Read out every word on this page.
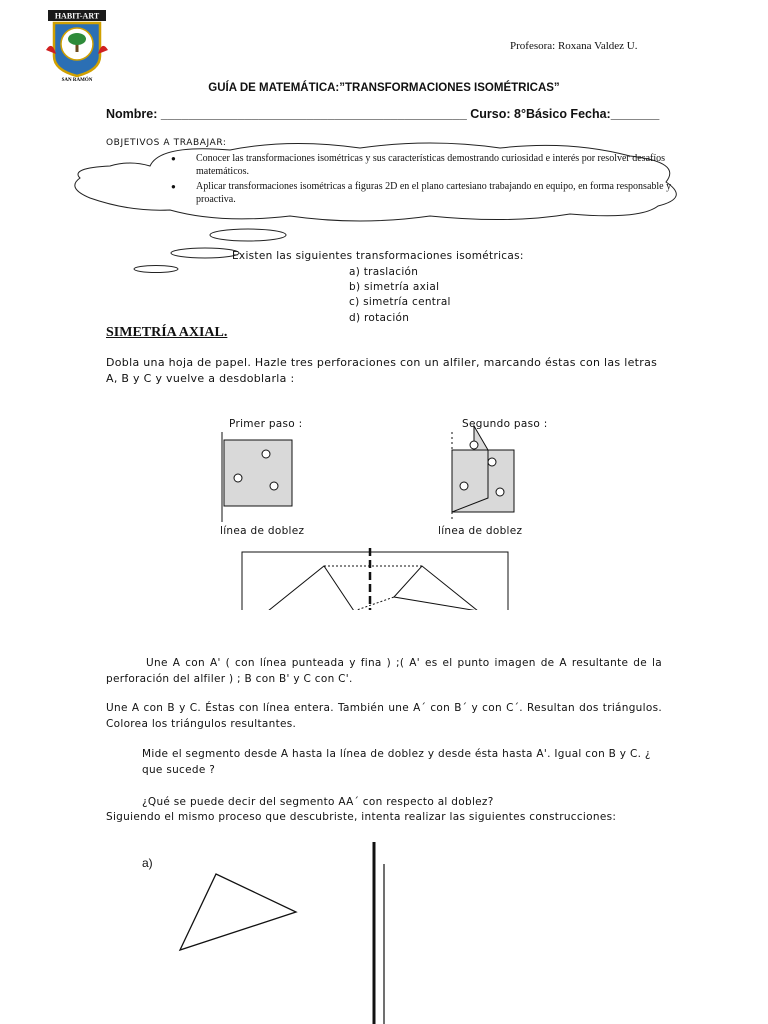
HABIT-ART
SAN RAMÓN
Profesora: Roxana Valdez U.
GUÍA DE MATEMÁTICA:”TRANSFORMACIONES ISOMÉTRICAS”
Nombre: ____________________________________________ Curso: 8°Básico Fecha:_______
OBJETIVOS A TRABAJAR:
Conocer las transformaciones isométricas y sus características demostrando curiosidad e interés por resolver desafíos matemáticos.
Aplicar transformaciones isométricas a figuras 2D en el plano cartesiano trabajando en equipo, en forma responsable y proactiva.
Existen las siguientes transformaciones isométricas:
a) traslación
b) simetría axial
c) simetría central
d) rotación
SIMETRÍA AXIAL.
Dobla una hoja de papel. Hazle tres perforaciones con un alfiler, marcando éstas con las letras A, B y C y vuelve a desdoblarla :
Primer paso :	Segundo paso :
línea de doblez	línea de doblez
Une A con A' ( con línea punteada y fina ) ;( A' es el punto imagen de A resultante de la perforación del alfiler ) ; B con B' y C con C'.
Une A con B y C. Éstas con línea entera. También une A´ con B´ y con C´. Resultan dos triángulos. Colorea los triángulos resultantes.
Mide el segmento desde A hasta la línea de doblez y desde ésta hasta A'. Igual con B y C. ¿ que sucede ?
¿Qué se puede decir del segmento AA´ con respecto al doblez?
Siguiendo el mismo proceso que descubriste, intenta realizar las siguientes construcciones:
a)
